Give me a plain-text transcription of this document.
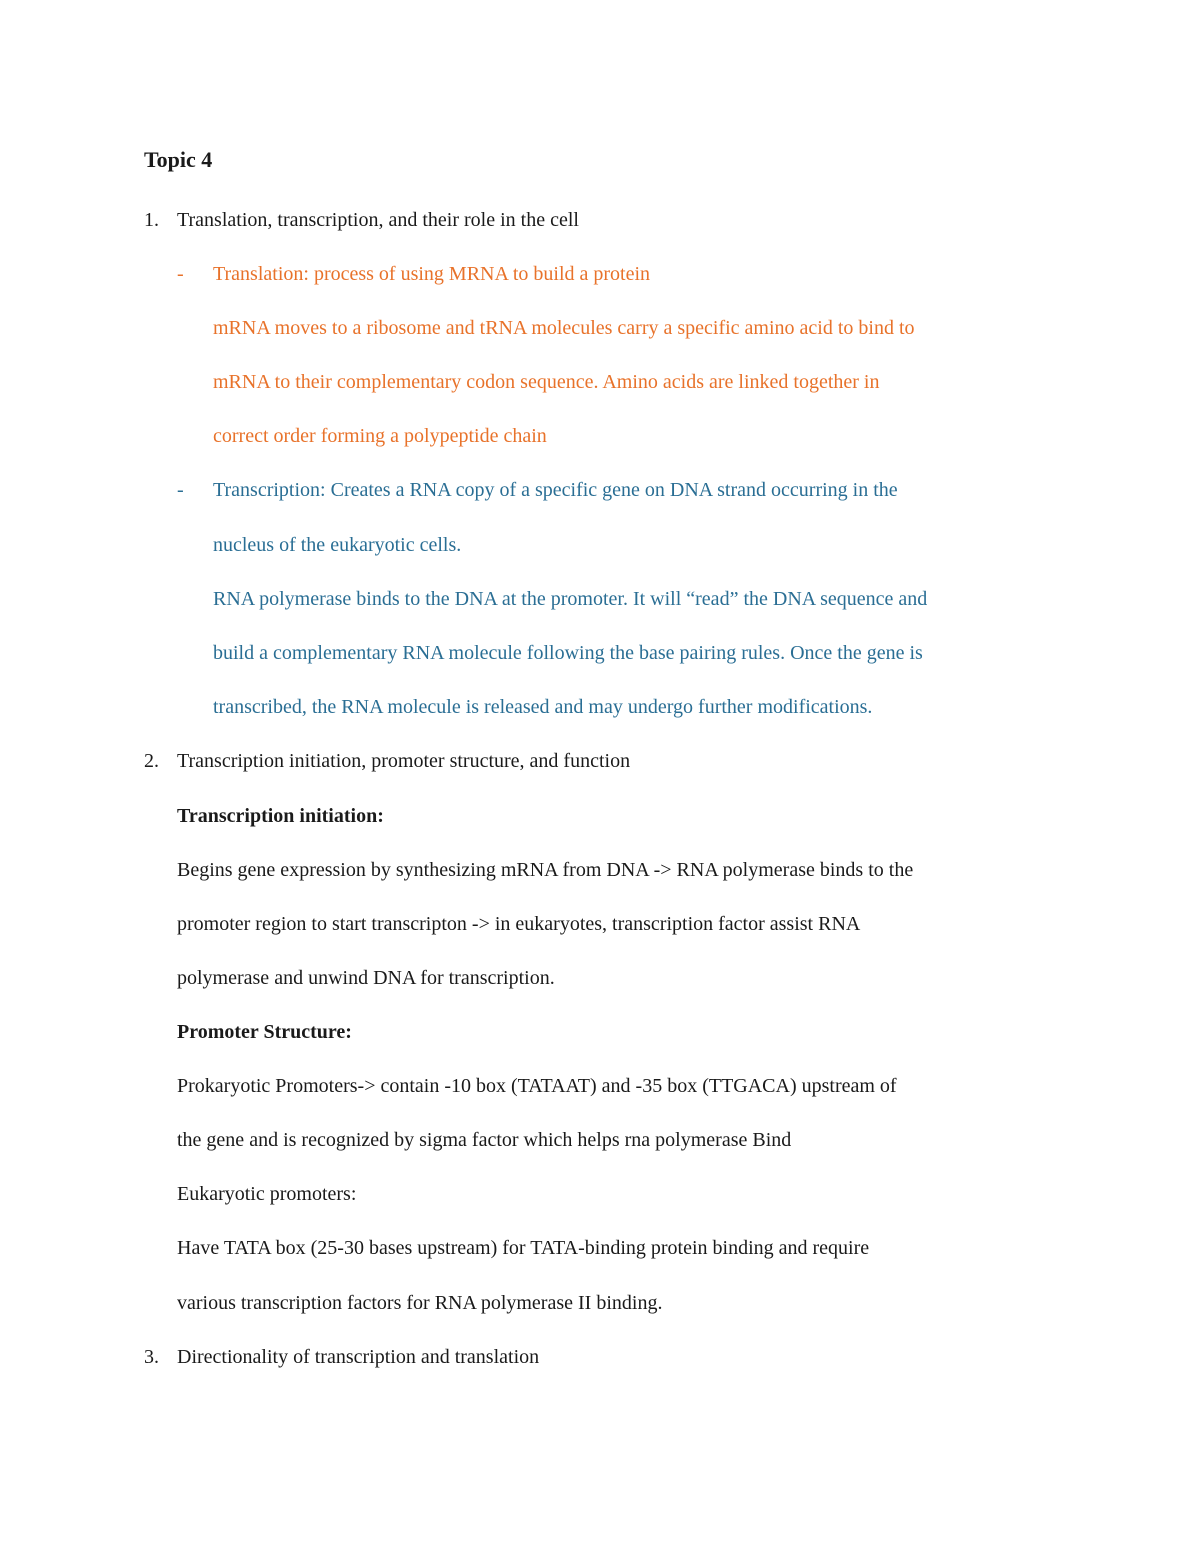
Topic 4
1. Translation, transcription, and their role in the cell
- Translation: process of using MRNA to build a protein
mRNA moves to a ribosome and tRNA molecules carry a specific amino acid to bind to
mRNA to their complementary codon sequence. Amino acids are linked together in
correct order forming a polypeptide chain
- Transcription: Creates a RNA copy of a specific gene on DNA strand occurring in the
nucleus of the eukaryotic cells.
RNA polymerase binds to the DNA at the promoter. It will “read” the DNA sequence and
build a complementary RNA molecule following the base pairing rules. Once the gene is
transcribed, the RNA molecule is released and may undergo further modifications.
2. Transcription initiation, promoter structure, and function
Transcription initiation:
Begins gene expression by synthesizing mRNA from DNA -> RNA polymerase binds to the
promoter region to start transcripton -> in eukaryotes, transcription factor assist RNA
polymerase and unwind DNA for transcription.
Promoter Structure:
Prokaryotic Promoters-> contain -10 box (TATAAT) and -35 box (TTGACA) upstream of
the gene and is recognized by sigma factor which helps rna polymerase Bind
Eukaryotic promoters:
Have TATA box (25-30 bases upstream) for TATA-binding protein binding and require
various transcription factors for RNA polymerase II binding.
3. Directionality of transcription and translation
